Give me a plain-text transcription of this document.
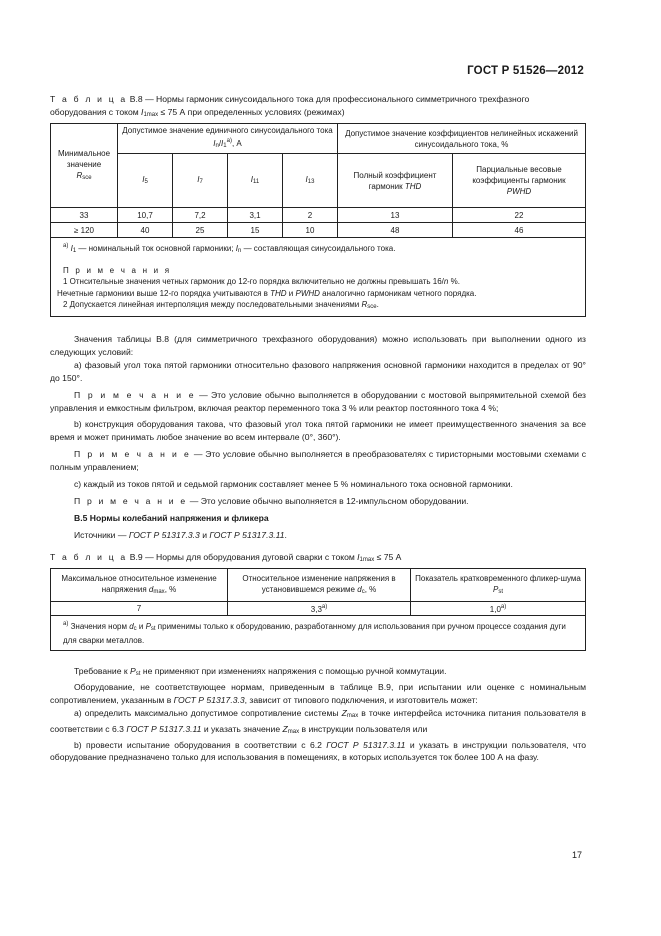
ГОСТ Р 51526—2012
Т а б л и ц а В.8 — Нормы гармоник синусоидального тока для профессионального симметричного трехфазного
оборудования с током I1max ≤ 75 А при определенных условиях (режимах)
Минимальное значение
Rsce	Допустимое значение единичного синусоидального тока In/I1$^{a)}$, А				Допустимое значение коэффициентов нелинейных искажений синусоидального тока, %	
	I5	I7	I11	I13	Полный коэффициент гармоник THD	Парциальные весовые коэффициенты гармоник
PWHD
33	10,7	7,2	3,1	2	13	22
≥ 120	40	25	15	10	48	46

$^{a)}$ I1 — номинальный ток основной гармоники; In — составляющая синусоидального тока.
П р и м е ч а н и я
1 Отнсительные значения четных гармоник до 12-го порядка включительно не должны превышать 16/n %.
Нечетные гармоники выше 12-го порядка учитываются в THD и PWHD аналогично гармоникам четного порядка.
2 Допускается линейная интерполяция между последовательными значениями Rsce.						
Значения таблицы В.8 (для симметричного трехфазного оборудования) можно использовать при выполнении одного из следующих условий:
а) фазовый угол тока пятой гармоники относительно фазового напряжения основной гармоники находится в пределах от 90° до 150°.
П р и м е ч а н и е — Это условие обычно выполняется в оборудовании с мостовой выпрямительной схемой без управления и емкостным фильтром, включая реактор переменного тока 3 % или реактор постоянного тока 4 %;
b) конструкция оборудования такова, что фазовый угол тока пятой гармоники не имеет преимущественного значения за все время и может принимать любое значение во всем интервале (0°, 360°).
П р и м е ч а н и е — Это условие обычно выполняется в преобразователях с тиристорными мостовыми схемами с полным управлением;
с) каждый из токов пятой и седьмой гармоник составляет менее 5 % номинального тока основной гармоники.
П р и м е ч а н и е — Это условие обычно выполняется в 12-импульсном оборудовании.
В.5 Нормы колебаний напряжения и фликера
Источники — ГОСТ Р 51317.3.3 и ГОСТ Р 51317.3.11.
Т а б л и ц а В.9 — Нормы для оборудования дуговой сварки с током I1max ≤ 75 А
Максимальное относительное изменение напряжения dmax, %	Относительное изменение напряжения в установившемся режиме dc, %	Показатель кратковременного фликер-шума Pst
7	3,3$^{a)}$	1,0$^{a)}$
$^{a)}$ Значения норм dc и Pst применимы только к оборудованию, разработанному для использования при ручном процессе создания дуги для сварки металлов.		
Требование к Pst не применяют при изменениях напряжения с помощью ручной коммутации.
Оборудование, не соответствующее нормам, приведенным в таблице В.9, при испытании или оценке с номинальным сопротивлением, указанным в ГОСТ Р 51317.3.3, зависит от типового подключения, и изготовитель может:
а) определить максимально допустимое сопротивление системы Zmax в точке интерфейса источника питания пользователя в соответствии с 6.3 ГОСТ Р 51317.3.11 и указать значение Zmax в инструкции пользователя или
b) провести испытание оборудования в соответствии с 6.2 ГОСТ Р 51317.3.11 и указать в инструкции пользователя, что оборудование предназначено только для использования в помещениях, в которых используется ток более 100 А на фазу.
17
